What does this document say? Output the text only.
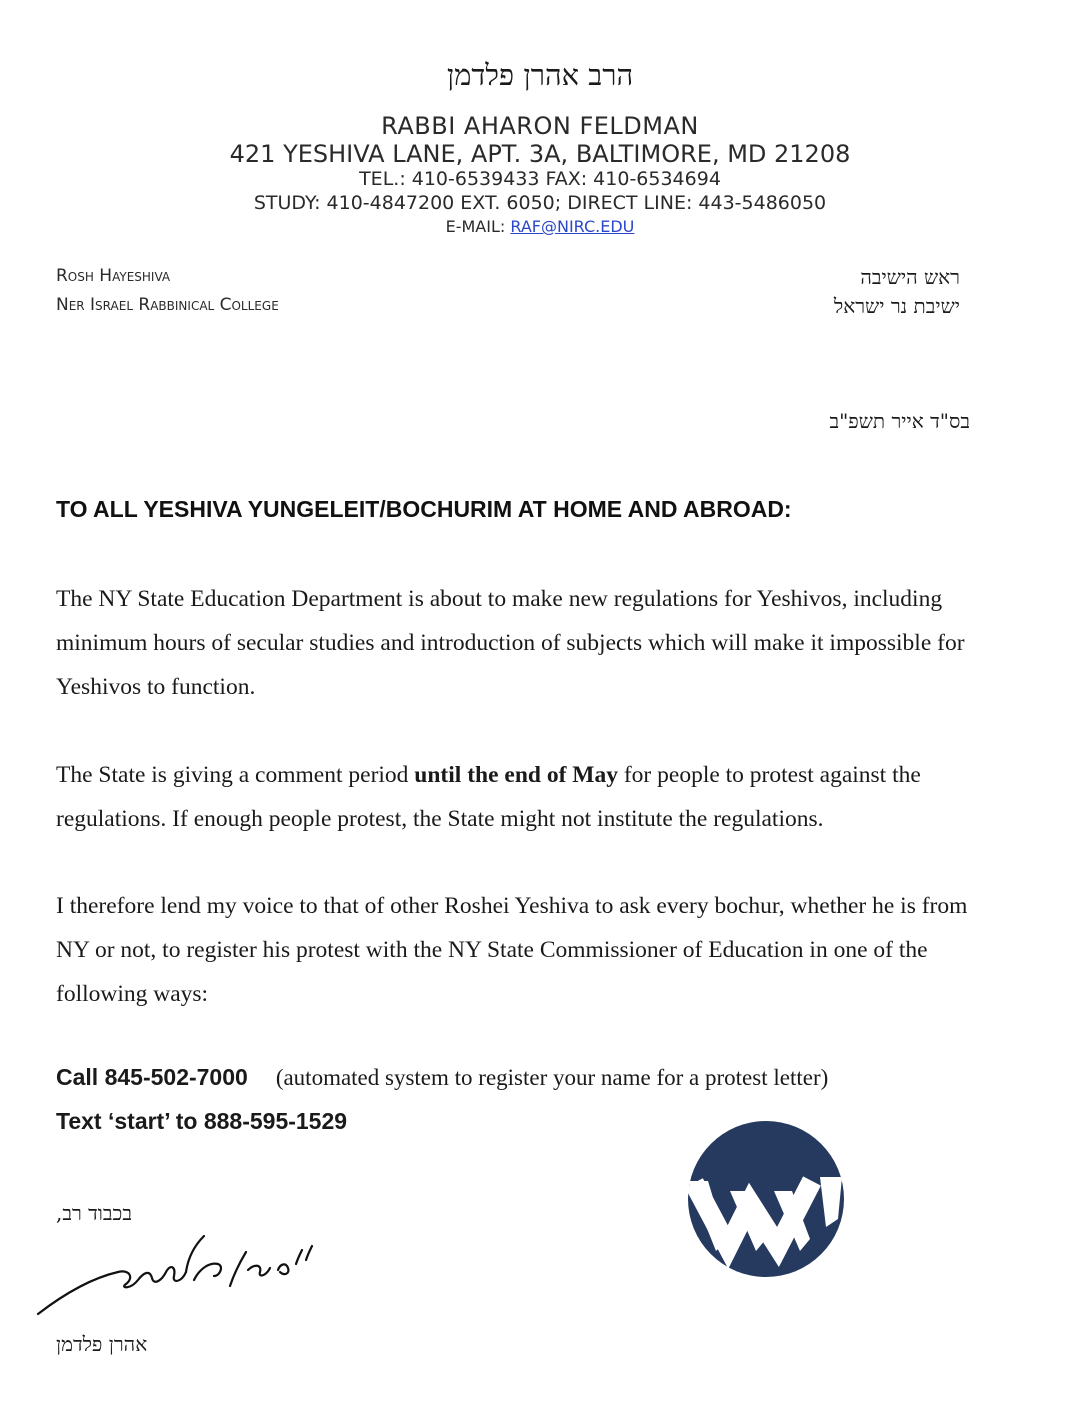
הרב אהרן פלדמן
RABBI AHARON FELDMAN
421 YESHIVA LANE, APT. 3A, BALTIMORE, MD 21208
TEL.: 410-6539433 FAX: 410-6534694
STUDY: 410-4847200 EXT. 6050; DIRECT LINE: 443-5486050
E-MAIL: RAF@NIRC.EDU
Rosh Hayeshiva
Ner Israel Rabbinical College
ראש הישיבה
ישיבת נר ישראל
בס"ד אייר תשפ"ב
TO ALL YESHIVA YUNGELEIT/BOCHURIM AT HOME AND ABROAD:
The NY State Education Department is about to make new regulations for Yeshivos, including minimum hours of secular studies and introduction of subjects which will make it impossible for Yeshivos to function.
The State is giving a comment period until the end of May for people to protest against the regulations. If enough people protest, the State might not institute the regulations.
I therefore lend my voice to that of other Roshei Yeshiva to ask every bochur, whether he is from NY or not, to register his protest with the NY State Commissioner of Education in one of the following ways:
Call 845-502-7000 (automated system to register your name for a protest letter)
Text ‘start’ to 888-595-1529
בכבוד רב,
אהרן פלדמן
